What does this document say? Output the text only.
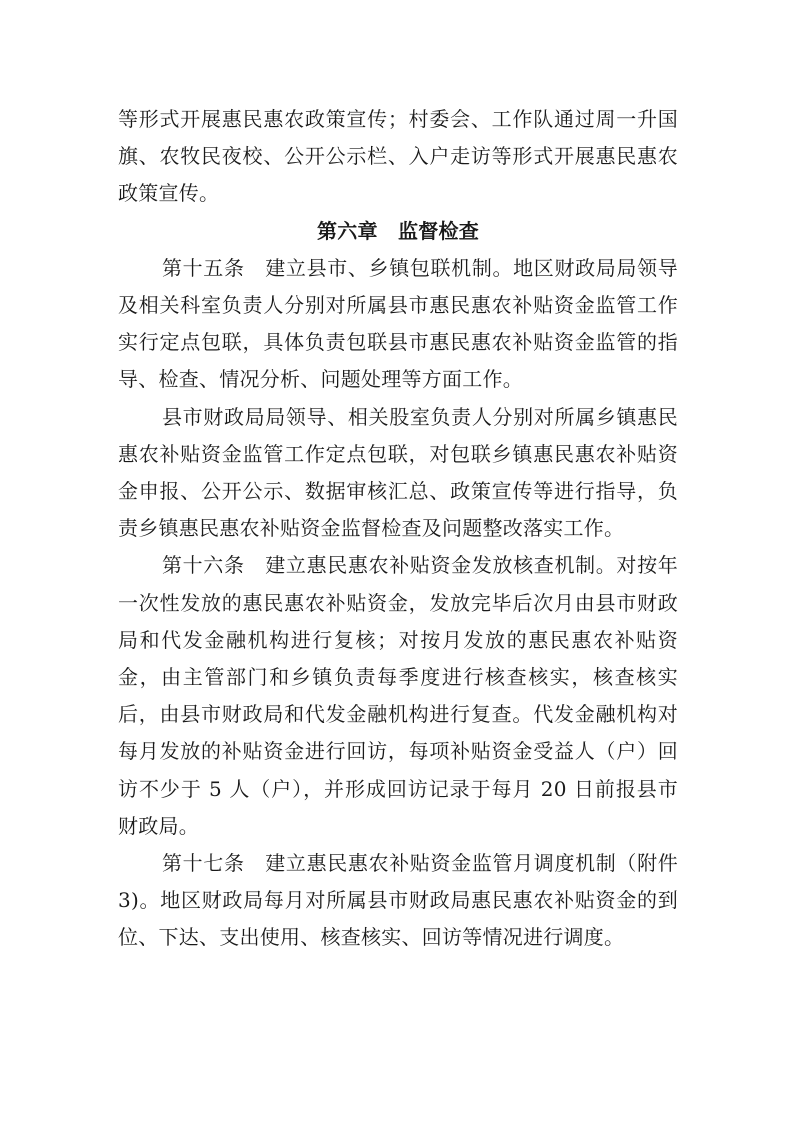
等形式开展惠民惠农政策宣传；村委会、工作队通过周一升国旗、农牧民夜校、公开公示栏、入户走访等形式开展惠民惠农政策宣传。

第六章　监督检查

第十五条　建立县市、乡镇包联机制。地区财政局局领导及相关科室负责人分别对所属县市惠民惠农补贴资金监管工作实行定点包联，具体负责包联县市惠民惠农补贴资金监管的指导、检查、情况分析、问题处理等方面工作。

县市财政局局领导、相关股室负责人分别对所属乡镇惠民惠农补贴资金监管工作定点包联，对包联乡镇惠民惠农补贴资金申报、公开公示、数据审核汇总、政策宣传等进行指导，负责乡镇惠民惠农补贴资金监督检查及问题整改落实工作。

第十六条　建立惠民惠农补贴资金发放核查机制。对按年一次性发放的惠民惠农补贴资金，发放完毕后次月由县市财政局和代发金融机构进行复核；对按月发放的惠民惠农补贴资金，由主管部门和乡镇负责每季度进行核查核实，核查核实后，由县市财政局和代发金融机构进行复查。代发金融机构对每月发放的补贴资金进行回访，每项补贴资金受益人（户）回访不少于 5 人（户），并形成回访记录于每月 20 日前报县市财政局。

第十七条　建立惠民惠农补贴资金监管月调度机制（附件 3)。地区财政局每月对所属县市财政局惠民惠农补贴资金的到位、下达、支出使用、核查核实、回访等情况进行调度。
